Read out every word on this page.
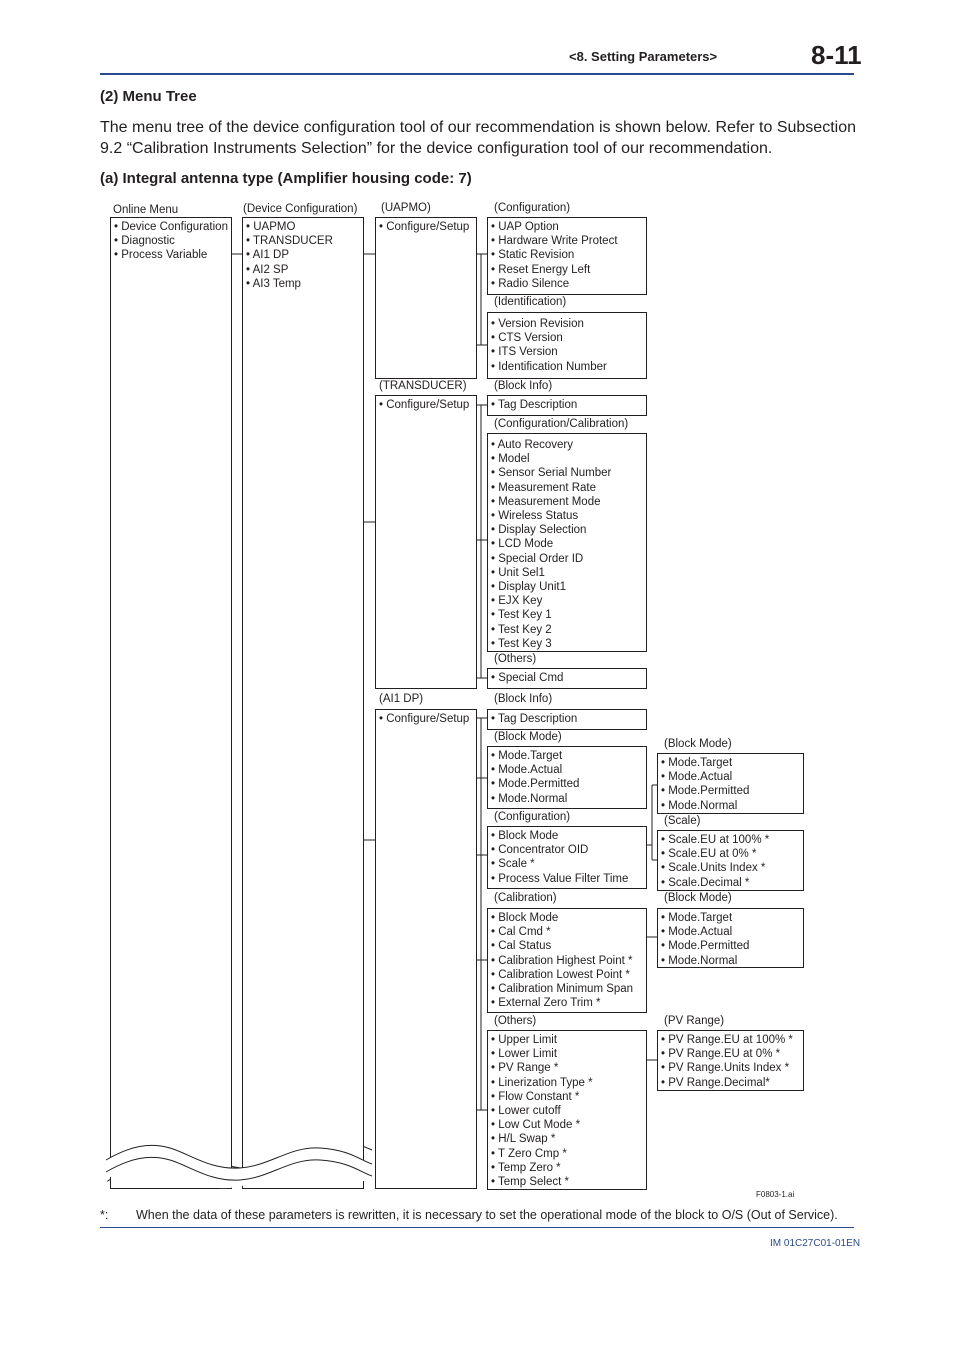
<8. Setting Parameters>	8-11
(2) Menu Tree
The menu tree of the device configuration tool of our recommendation is shown below. Refer to Subsection 9.2 “Calibration Instruments Selection” for the device configuration tool of our recommendation.
(a) Integral antenna type (Amplifier housing code: 7)
Online Menu
• Device Configuration
• Diagnostic
• Process Variable
(Device Configuration)
• UAPMO
• TRANSDUCER
• AI1 DP
• AI2 SP
• AI3 Temp
(UAPMO)
• Configure/Setup
(TRANSDUCER)
• Configure/Setup
(AI1 DP)
• Configure/Setup
(Configuration)
• UAP Option
• Hardware Write Protect
• Static Revision
• Reset Energy Left
• Radio Silence
(Identification)
• Version Revision
• CTS Version
• ITS Version
• Identification Number
(Block Info)
• Tag Description
(Configuration/Calibration)
• Auto Recovery
• Model
• Sensor Serial Number
• Measurement Rate
• Measurement Mode
• Wireless Status
• Display Selection
• LCD Mode
• Special Order ID
• Unit Sel1
• Display Unit1
• EJX Key
• Test Key 1
• Test Key 2
• Test Key 3
(Others)
• Special Cmd
(Block Info)
• Tag Description
(Block Mode)
• Mode.Target
• Mode.Actual
• Mode.Permitted
• Mode.Normal
(Configuration)
• Block Mode
• Concentrator OID
• Scale *
• Process Value Filter Time
(Calibration)
• Block Mode
• Cal Cmd *
• Cal Status
• Calibration Highest Point *
• Calibration Lowest Point *
• Calibration Minimum Span
• External Zero Trim *
(Others)
• Upper Limit
• Lower Limit
• PV Range *
• Linerization Type *
• Flow Constant *
• Lower cutoff
• Low Cut Mode *
• H/L Swap *
• T Zero Cmp *
• Temp Zero *
• Temp Select *
(Block Mode)
• Mode.Target
• Mode.Actual
• Mode.Permitted
• Mode.Normal
(Scale)
• Scale.EU at 100% *
• Scale.EU at 0% *
• Scale.Units Index *
• Scale.Decimal *
(Block Mode)
• Mode.Target
• Mode.Actual
• Mode.Permitted
• Mode.Normal
(PV Range)
• PV Range.EU at 100% *
• PV Range.EU at 0% *
• PV Range.Units Index *
• PV Range.Decimal*
F0803-1.ai
*: When the data of these parameters is rewritten, it is necessary to set the operational mode of the block to O/S (Out of Service).
IM 01C27C01-01EN
